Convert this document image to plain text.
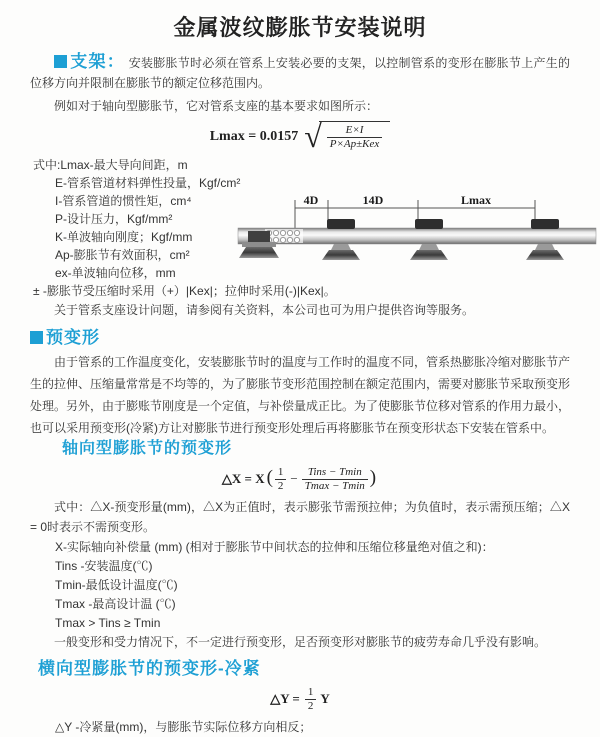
金属波纹膨胀节安装说明

支架： 安装膨胀节时必须在管系上安装必要的支架，以控制管系的变形在膨胀节上产生的位移方向并限制在膨胀节的额定位移范围内。

例如对于轴向型膨胀节，它对管系支座的基本要求如图所示：

Lmax = 0.0157 √	E×I
P×Ap±Kex
式中:Lmax-最大导向间距，m
E-管系管道材料弹性投量，Kgf/cm²
I-管系管道的惯性矩，cm⁴
P-设计压力，Kgf/mm²
K-单波轴向刚度；Kgf/mm
Ap-膨胀节有效面积，cm²
ex-单波轴向位移，mm
± -膨胀节受压缩时采用（+）|Kex|；拉伸时采用(-)|Kex|。
关于管系支座设计问题，请参阅有关资料，本公司也可为用户提供咨询等服务。
预变形

由于管系的工作温度变化，安装膨胀节时的温度与工作时的温度不同，管系热膨胀冷缩对膨胀节产生的拉伸、压缩量常常是不均等的，为了膨胀节变形范围控制在额定范围内，需要对膨胀节采取预变形处理。另外，由于膨账节刚度是一个定值，与补偿量成正比。为了使膨胀节位移对管系的作用力最小，也可以采用预变形(冷紧)方让对膨胀节进行预变形处理后再将膨胀节在预变形状态下安装在管系中。

轴向型膨胀节的预变形
△X = X ( $\frac{1}{2}$ − Tins − Tmin
Tmax − Tmin )

式中：△X-预变形量(mm)，△X为正值时，表示膨张节需预拉伸；为负值时，表示需预压缩；△X = 0时表示不需预变形。

X-实际轴向补偿量 (mm) (相对于膨胀节中间状态的拉伸和压缩位移量绝对值之和)：
Tins -安装温度(℃)
Tmin-最低设计温度(℃)
Tmax -最高设计温 (℃)
Tmax > Tins ≥ Tmin
一般变形和受力情况下，不一定进行预变形，足否预变形对膨胀节的疲劳寿命几乎没有影响。
横向型膨胀节的预变形-冷紧
△Y = $\frac{1}{2}$ Y
△Y -冷紧量(mm)，与膨胀节实际位移方向相反；
4D	14D	Lmax
